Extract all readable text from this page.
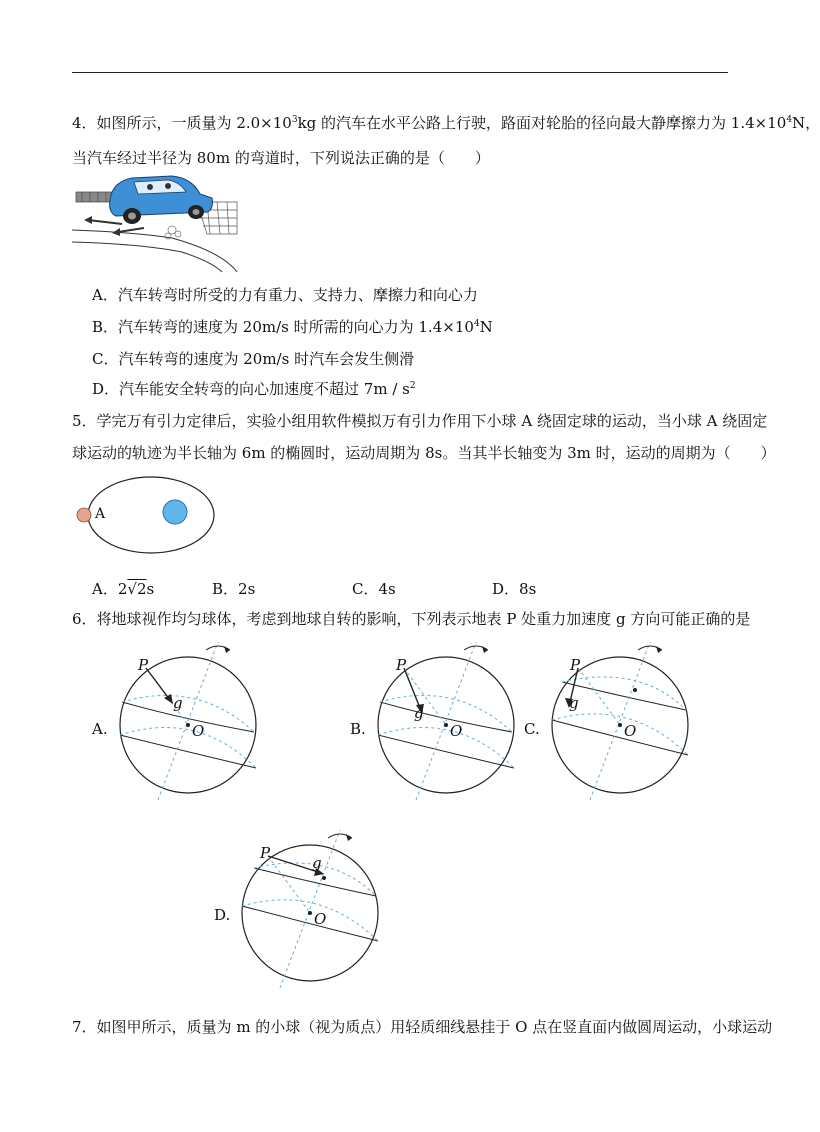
4．如图所示，一质量为 $2.0\times 10^3kg$ 的汽车在水平公路上行驶，路面对轮胎的径向最大静摩擦力为 $1.4\times 10^4N$，
当汽车经过半径为 80m 的弯道时，下列说法正确的是（　　）
A．汽车转弯时所受的力有重力、支持力、摩擦力和向心力
B．汽车转弯的速度为 20m/s 时所需的向心力为 $1.4\times 10^4N$
C．汽车转弯的速度为 20m/s 时汽车会发生侧滑
D．汽车能安全转弯的向心加速度不超过 $7m / s^2$
5．学完万有引力定律后，实验小组用软件模拟万有引力作用下小球 A 绕固定球的运动，当小球 A 绕固定
球运动的轨迹为半长轴为 6m 的椭圆时，运动周期为 8s。当其半长轴变为 3m 时，运动的周期为（　　）
A
A．2√2s	B．2s	C．4s	D．8s
6．将地球视作均匀球体，考虑到地球自转的影响，下列表示地表 P 处重力加速度 g 方向可能正确的是
A.
P
g
O	B.
P
g
O	C.
P
g
O
D.
P
g
O
7．如图甲所示，质量为 m 的小球（视为质点）用轻质细线悬挂于 O 点在竖直面内做圆周运动，小球运动
